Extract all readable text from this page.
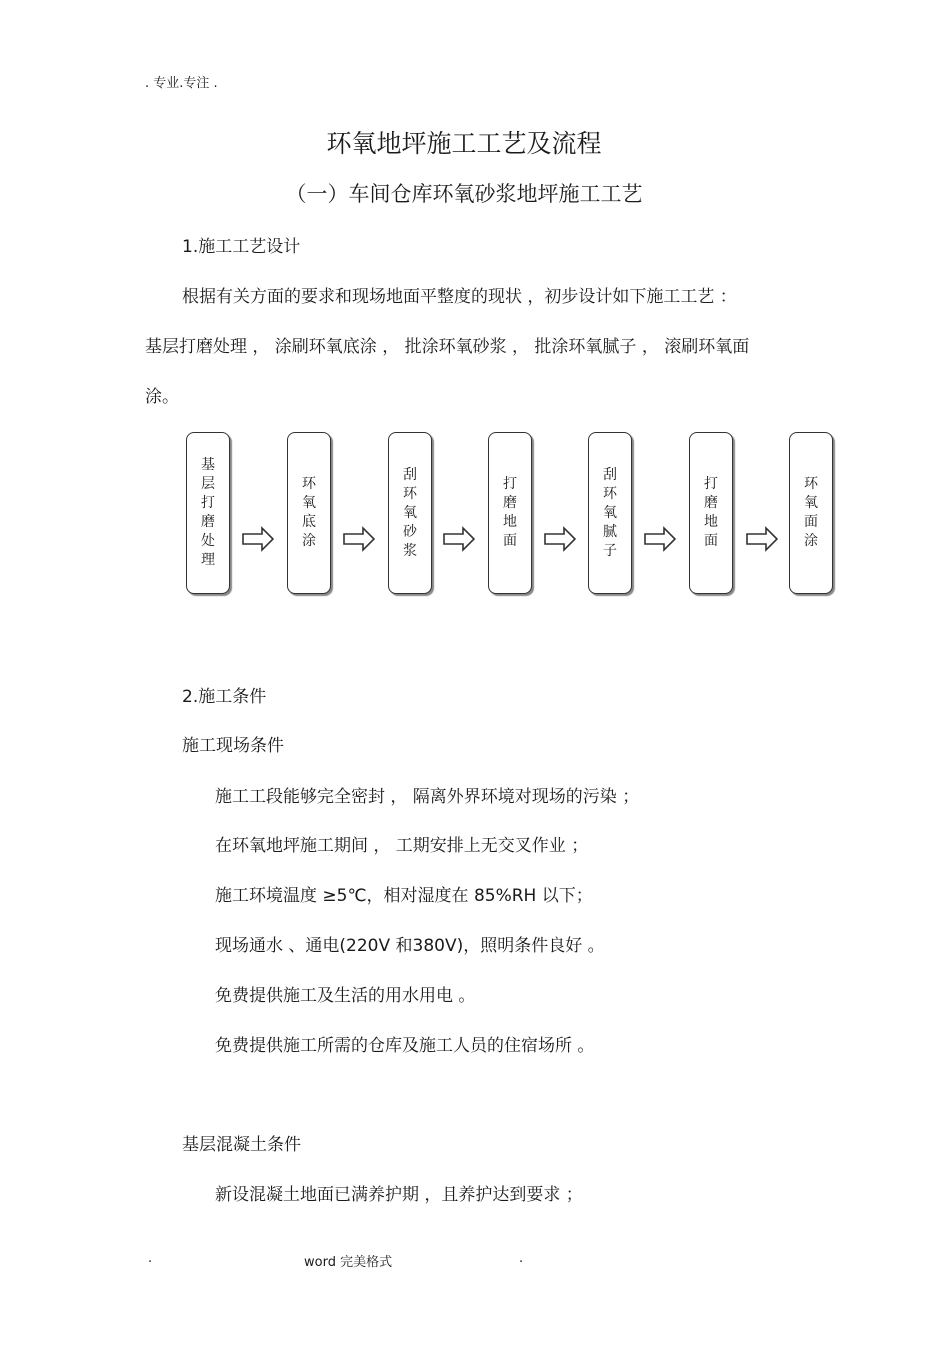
. 专业.专注 .
环氧地坪施工工艺及流程
（一）车间仓库环氧砂浆地坪施工工艺
1.施工工艺设计
根据有关方面的要求和现场地面平整度的现状 ，初步设计如下施工工艺 ：
基层打磨处理 ， 涂刷环氧底涂 ， 批涂环氧砂浆 ， 批涂环氧腻子 ， 滚刷环氧面
涂。
基层打磨处理
环氧底涂
刮环氧砂浆
打磨地面
刮环氧腻子
打磨地面
环氧面涂
2.施工条件
施工现场条件
施工工段能够完全密封 ， 隔离外界环境对现场的污染 ；
在环氧地坪施工期间 ， 工期安排上无交叉作业 ；
施工环境温度 ≥5℃，相对湿度在 85%RH 以下；
现场通水 、通电(220V 和380V)，照明条件良好 。
免费提供施工及生活的用水用电 。
免费提供施工所需的仓库及施工人员的住宿场所 。
基层混凝土条件
新设混凝土地面已满养护期 ，且养护达到要求 ；
.	word 完美格式	.
